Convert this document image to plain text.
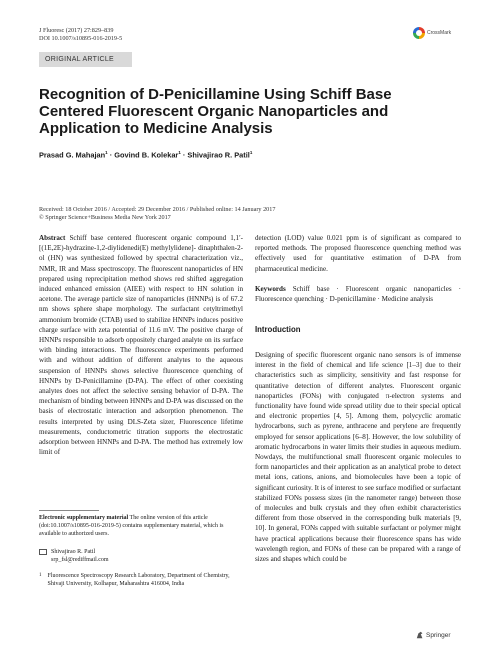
J Fluoresc (2017) 27:829–839
DOI 10.1007/s10895-016-2019-5
CrossMark
ORIGINAL ARTICLE
Recognition of D-Penicillamine Using Schiff Base Centered Fluorescent Organic Nanoparticles and Application to Medicine Analysis
Prasad G. Mahajan$^1$ · Govind B. Kolekar$^1$ · Shivajirao R. Patil$^1$
Received: 18 October 2016 / Accepted: 29 December 2016 / Published online: 14 January 2017
© Springer Science+Business Media New York 2017
Abstract Schiff base centered fluorescent organic compound 1,1′-[(1E,2E)-hydrazine-1,2-diylidenedi(E) methylylidene]- dinaphthalen-2-ol (HN) was synthesized followed by spectral characterization viz., NMR, IR and Mass spectroscopy. The fluorescent nanoparticles of HN prepared using reprecipitation method shows red shifted aggregation induced enhanced emission (AIEE) with respect to HN solution in acetone. The average particle size of nanoparticles (HNNPs) is of 67.2 nm shows sphere shape morphology. The surfactant cetyltrimethyl ammonium bromide (CTAB) used to stabilize HNNPs induces positive charge surface with zeta potential of 11.6 mV. The positive charge of HNNPs responsible to adsorb oppositely charged analyte on its surface with binding interactions. The fluorescence experiments performed with and without addition of different analytes to the aqueous suspension of HNNPs shows selective fluorescence quenching of HNNPs by D-Penicillamine (D-PA). The effect of other coexisting analytes does not affect the selective sensing behavior of D-PA. The mechanism of binding between HNNPs and D-PA was discussed on the basis of electrostatic interaction and adsorption phenomenon. The results interpreted by using DLS-Zeta sizer, Fluorescence lifetime measurements, conductometric titration supports the electrostatic adsorption between HNNPs and D-PA. The method has extremely low limit of
Electronic supplementary material The online version of this article (doi:10.1007/s10895-016-2019-5) contains supplementary material, which is available to authorized users.
Shivajirao R. Patil
srp_fsl@rediffmail.com
1 Fluorescence Spectroscopy Research Laboratory, Department of Chemistry, Shivaji University, Kolhapur, Maharashtra 416004, India
detection (LOD) value 0.021 ppm is of significant as compared to reported methods. The proposed fluorescence quenching method was effectively used for quantitative estimation of D-PA from pharmaceutical medicine.
Keywords Schiff base · Fluorescent organic nanoparticles · Fluorescence quenching · D-penicillamine · Medicine analysis
Introduction
Designing of specific fluorescent organic nano sensors is of immense interest in the field of chemical and life science [1–3] due to their characteristics such as simplicity, sensitivity and fast response for quantitative detection of different analytes. Fluorescent organic nanoparticles (FONs) with conjugated π-electron systems and functionality have found wide spread utility due to their special optical and electronic properties [4, 5]. Among them, polycyclic aromatic hydrocarbons, such as pyrene, anthracene and perylene are frequently employed for sensor applications [6–8]. However, the low solubility of aromatic hydrocarbons in water limits their studies in aqueous medium. Nowdays, the multifunctional small fluorescent organic molecules to form nanoparticles and their application as an analytical probe to detect metal ions, cations, anions, and biomolecules have been a topic of significant curiosity. It is of interest to see surface modified or surfactant stabilized FONs possess sizes (in the nanometer range) between those of molecules and bulk crystals and they often exhibit characteristics different from those observed in the corresponding bulk materials [9, 10]. In general, FONs capped with suitable surfactant or polymer might have practical applications because their fluorescence spans has wide wavelength region, and FONs of these can be prepared with a range of sizes and shapes which could be
Springer
